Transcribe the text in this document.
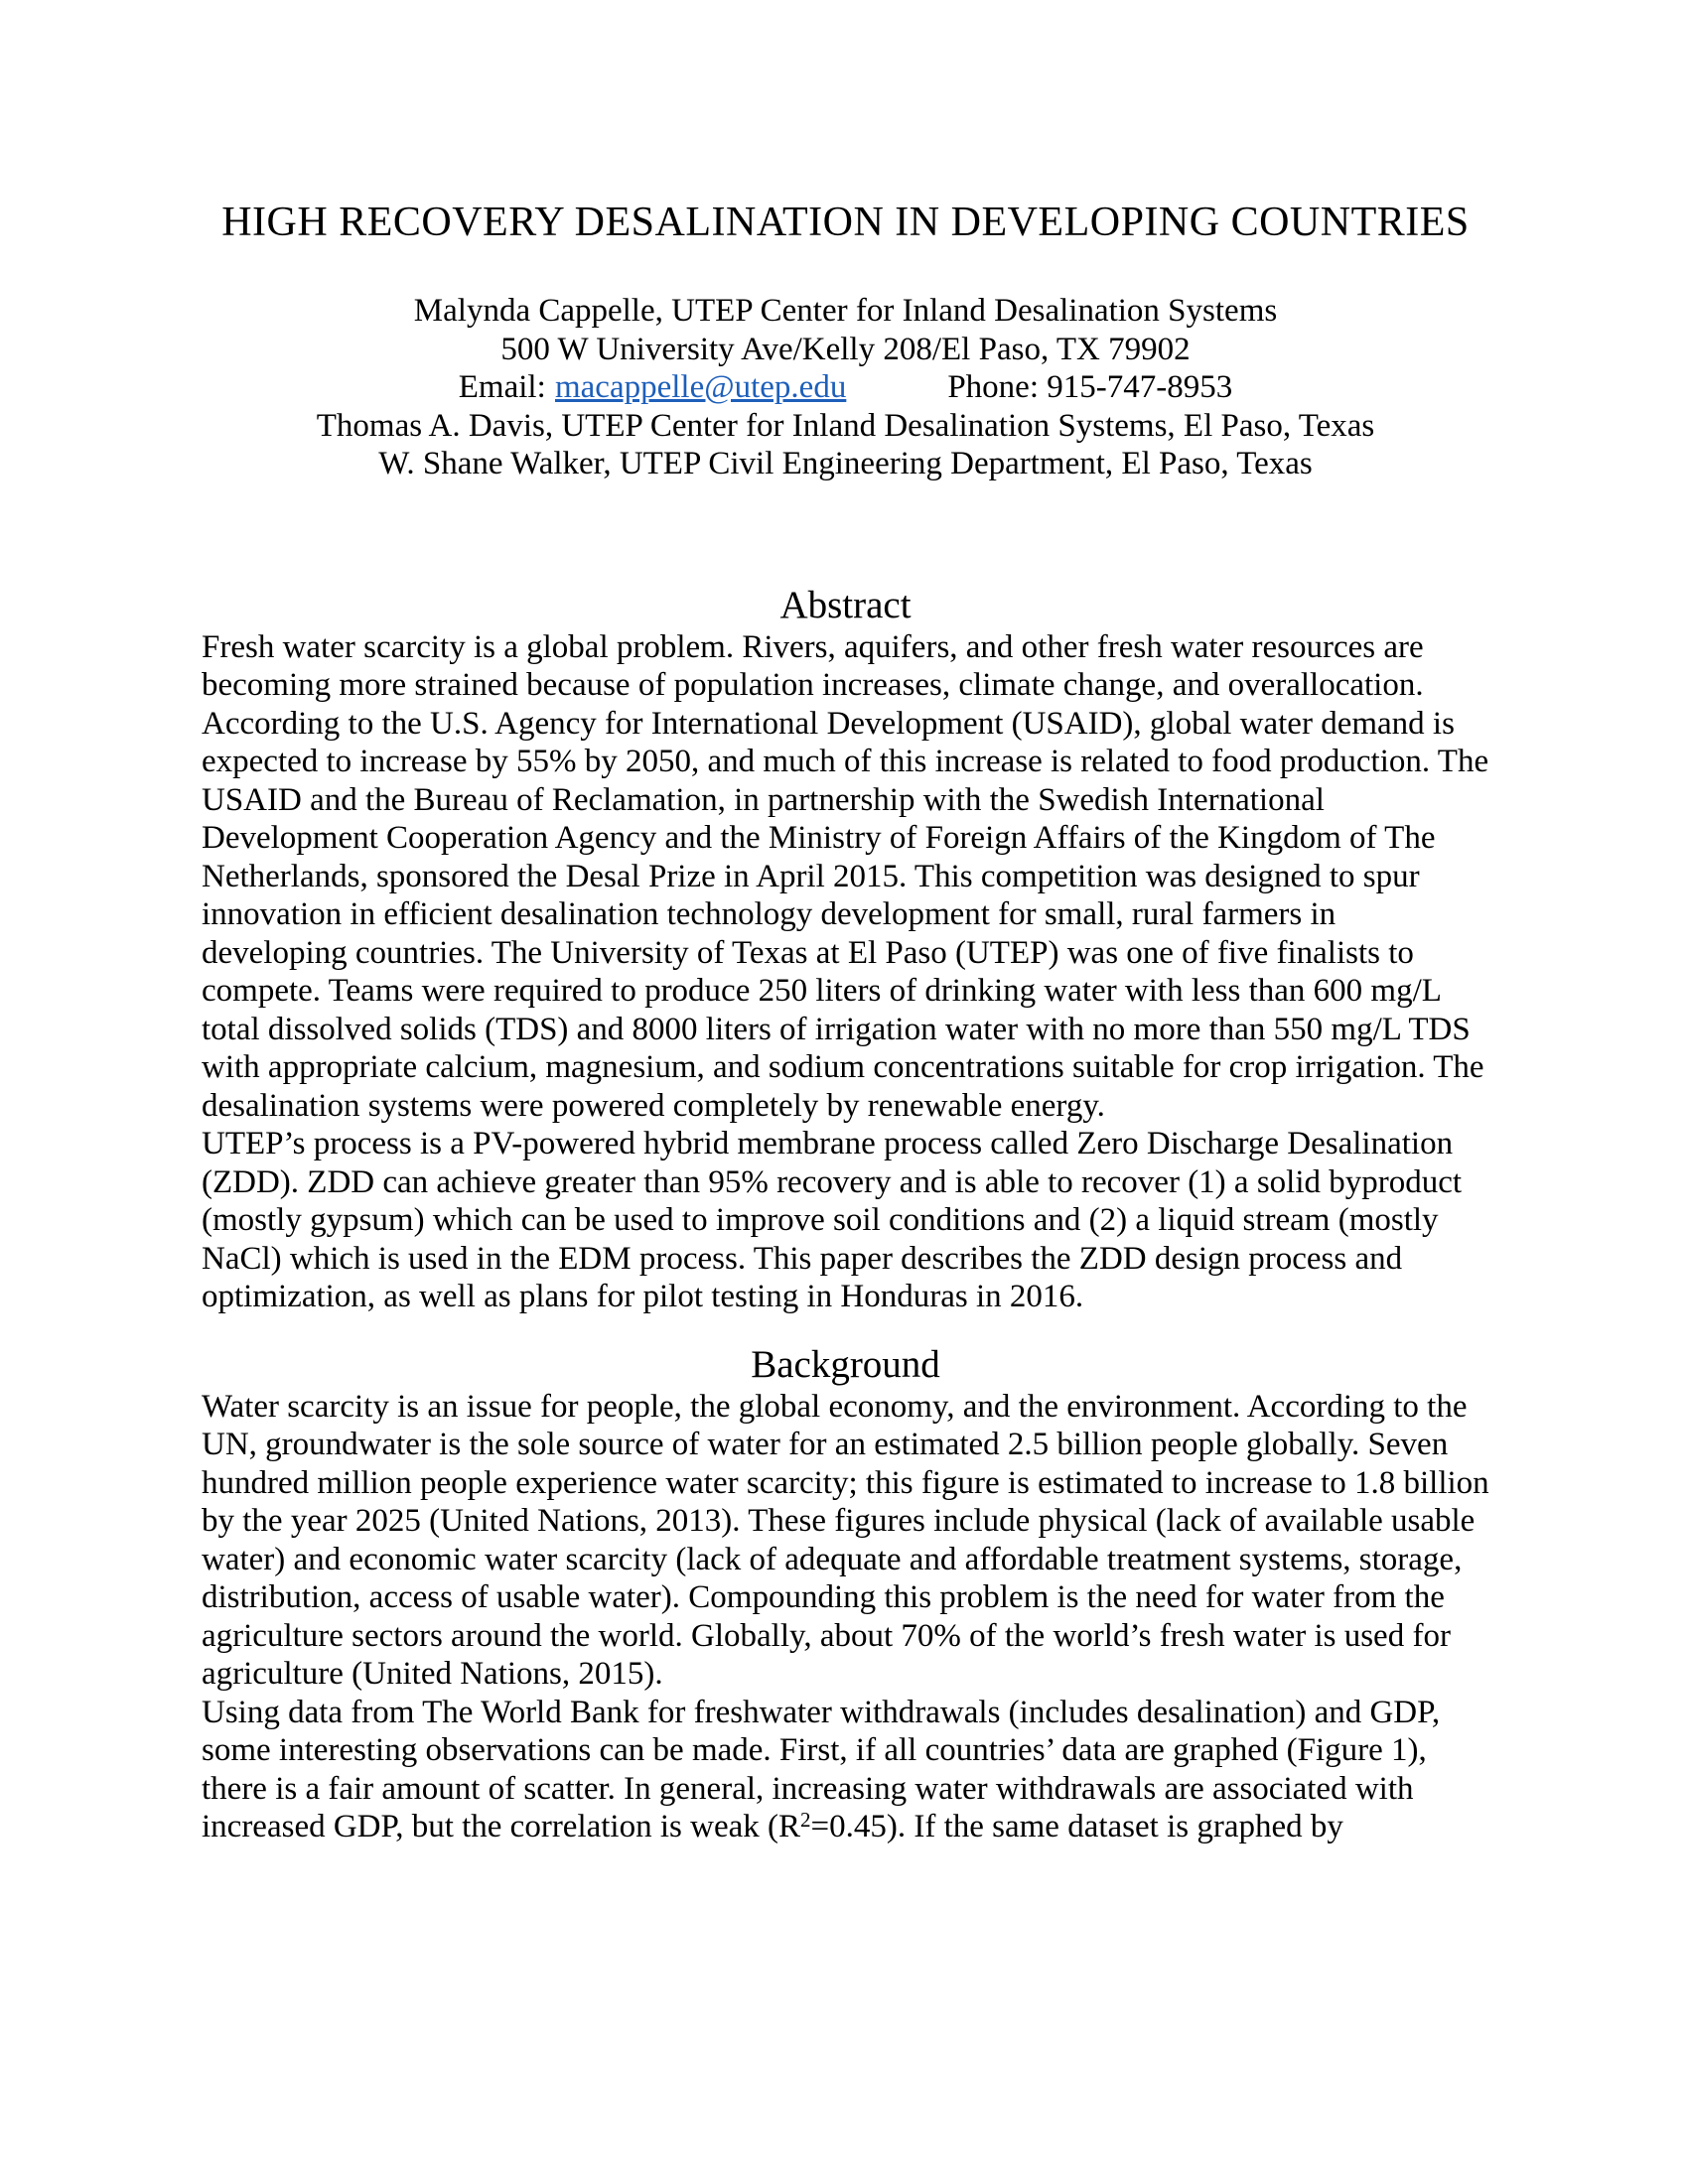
HIGH RECOVERY DESALINATION IN DEVELOPING COUNTRIES
Malynda Cappelle, UTEP Center for Inland Desalination Systems
500 W University Ave/Kelly 208/El Paso, TX 79902
Email: macappelle@utep.edu	Phone: 915-747-8953
Thomas A. Davis, UTEP Center for Inland Desalination Systems, El Paso, Texas
W. Shane Walker, UTEP Civil Engineering Department, El Paso, Texas
Abstract

Fresh water scarcity is a global problem. Rivers, aquifers, and other fresh water resources are becoming more strained because of population increases, climate change, and overallocation. According to the U.S. Agency for International Development (USAID), global water demand is expected to increase by 55% by 2050, and much of this increase is related to food production. The USAID and the Bureau of Reclamation, in partnership with the Swedish International Development Cooperation Agency and the Ministry of Foreign Affairs of the Kingdom of The Netherlands, sponsored the Desal Prize in April 2015. This competition was designed to spur innovation in efficient desalination technology development for small, rural farmers in developing countries. The University of Texas at El Paso (UTEP) was one of five finalists to compete. Teams were required to produce 250 liters of drinking water with less than 600 mg/L total dissolved solids (TDS) and 8000 liters of irrigation water with no more than 550 mg/L TDS with appropriate calcium, magnesium, and sodium concentrations suitable for crop irrigation. The desalination systems were powered completely by renewable energy.

UTEP’s process is a PV-powered hybrid membrane process called Zero Discharge Desalination (ZDD). ZDD can achieve greater than 95% recovery and is able to recover (1) a solid byproduct (mostly gypsum) which can be used to improve soil conditions and (2) a liquid stream (mostly NaCl) which is used in the EDM process. This paper describes the ZDD design process and optimization, as well as plans for pilot testing in Honduras in 2016.

Background

Water scarcity is an issue for people, the global economy, and the environment. According to the UN, groundwater is the sole source of water for an estimated 2.5 billion people globally. Seven hundred million people experience water scarcity; this figure is estimated to increase to 1.8 billion by the year 2025 (United Nations, 2013). These figures include physical (lack of available usable water) and economic water scarcity (lack of adequate and affordable treatment systems, storage, distribution, access of usable water). Compounding this problem is the need for water from the agriculture sectors around the world. Globally, about 70% of the world’s fresh water is used for agriculture (United Nations, 2015).

Using data from The World Bank for freshwater withdrawals (includes desalination) and GDP, some interesting observations can be made. First, if all countries’ data are graphed (Figure 1), there is a fair amount of scatter. In general, increasing water withdrawals are associated with increased GDP, but the correlation is weak $(R^2=0.45)$. If the same dataset is graphed by
